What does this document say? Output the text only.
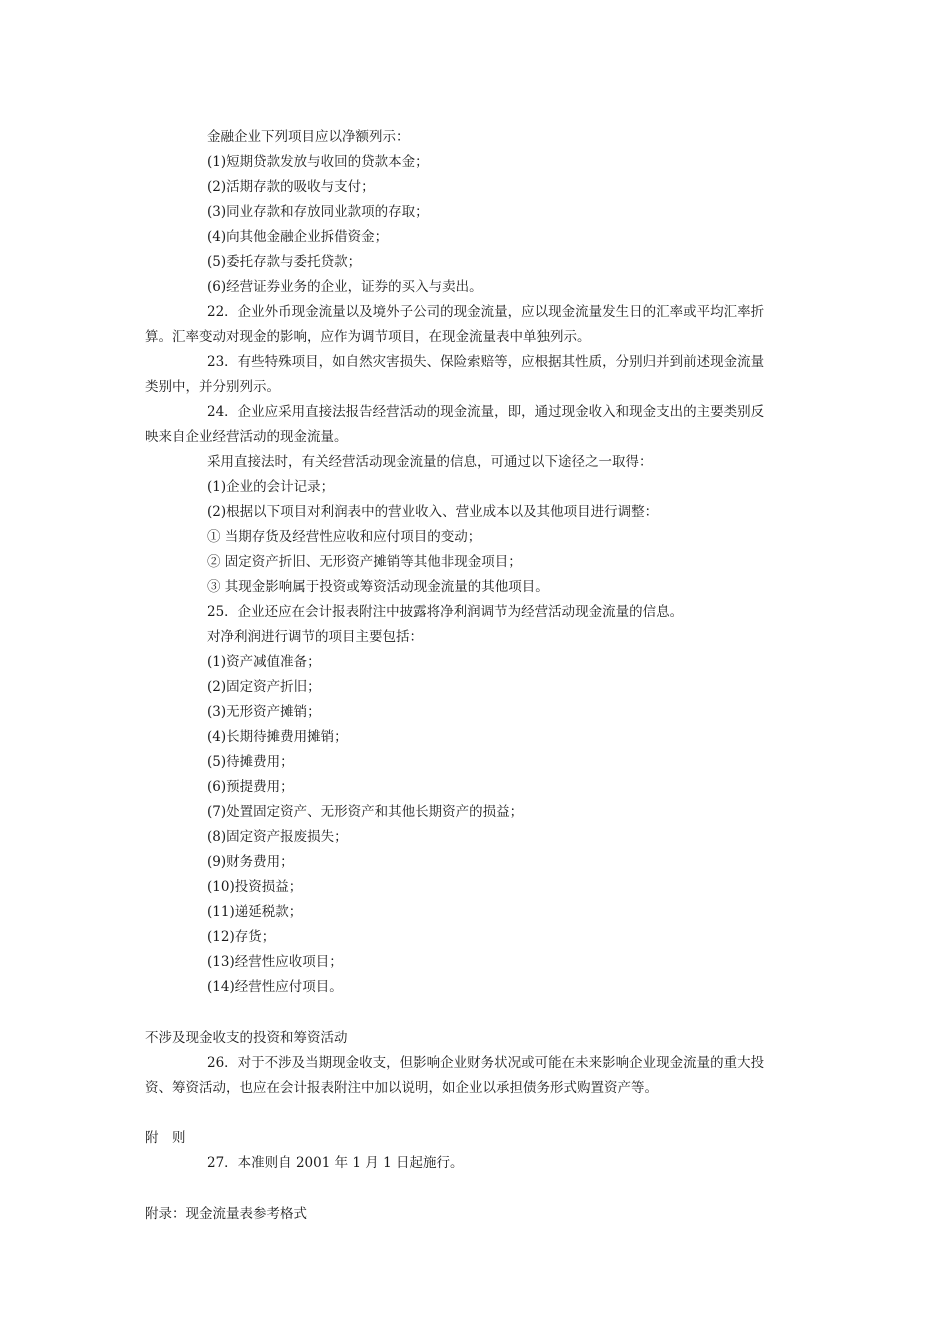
金融企业下列项目应以净额列示：
(1)短期贷款发放与收回的贷款本金；
(2)活期存款的吸收与支付；
(3)同业存款和存放同业款项的存取；
(4)向其他金融企业拆借资金；
(5)委托存款与委托贷款；
(6)经营证券业务的企业，证券的买入与卖出。
22．企业外币现金流量以及境外子公司的现金流量，应以现金流量发生日的汇率或平均汇率折
算。汇率变动对现金的影响，应作为调节项目，在现金流量表中单独列示。
23．有些特殊项目，如自然灾害损失、保险索赔等，应根据其性质，分别归并到前述现金流量
类别中，并分别列示。
24．企业应采用直接法报告经营活动的现金流量，即，通过现金收入和现金支出的主要类别反
映来自企业经营活动的现金流量。
采用直接法时，有关经营活动现金流量的信息，可通过以下途径之一取得：
(1)企业的会计记录；
(2)根据以下项目对利润表中的营业收入、营业成本以及其他项目进行调整：
① 当期存货及经营性应收和应付项目的变动；
② 固定资产折旧、无形资产摊销等其他非现金项目；
③ 其现金影响属于投资或筹资活动现金流量的其他项目。
25．企业还应在会计报表附注中披露将净利润调节为经营活动现金流量的信息。
对净利润进行调节的项目主要包括：
(1)资产减值准备；
(2)固定资产折旧；
(3)无形资产摊销；
(4)长期待摊费用摊销；
(5)待摊费用；
(6)预提费用；
(7)处置固定资产、无形资产和其他长期资产的损益；
(8)固定资产报废损失；
(9)财务费用；
(10)投资损益；
(11)递延税款；
(12)存货；
(13)经营性应收项目；
(14)经营性应付项目。
不涉及现金收支的投资和筹资活动
26．对于不涉及当期现金收支，但影响企业财务状况或可能在未来影响企业现金流量的重大投
资、筹资活动，也应在会计报表附注中加以说明，如企业以承担债务形式购置资产等。
附　则
27．本准则自 2001 年 1 月 1 日起施行。
附录：现金流量表参考格式
